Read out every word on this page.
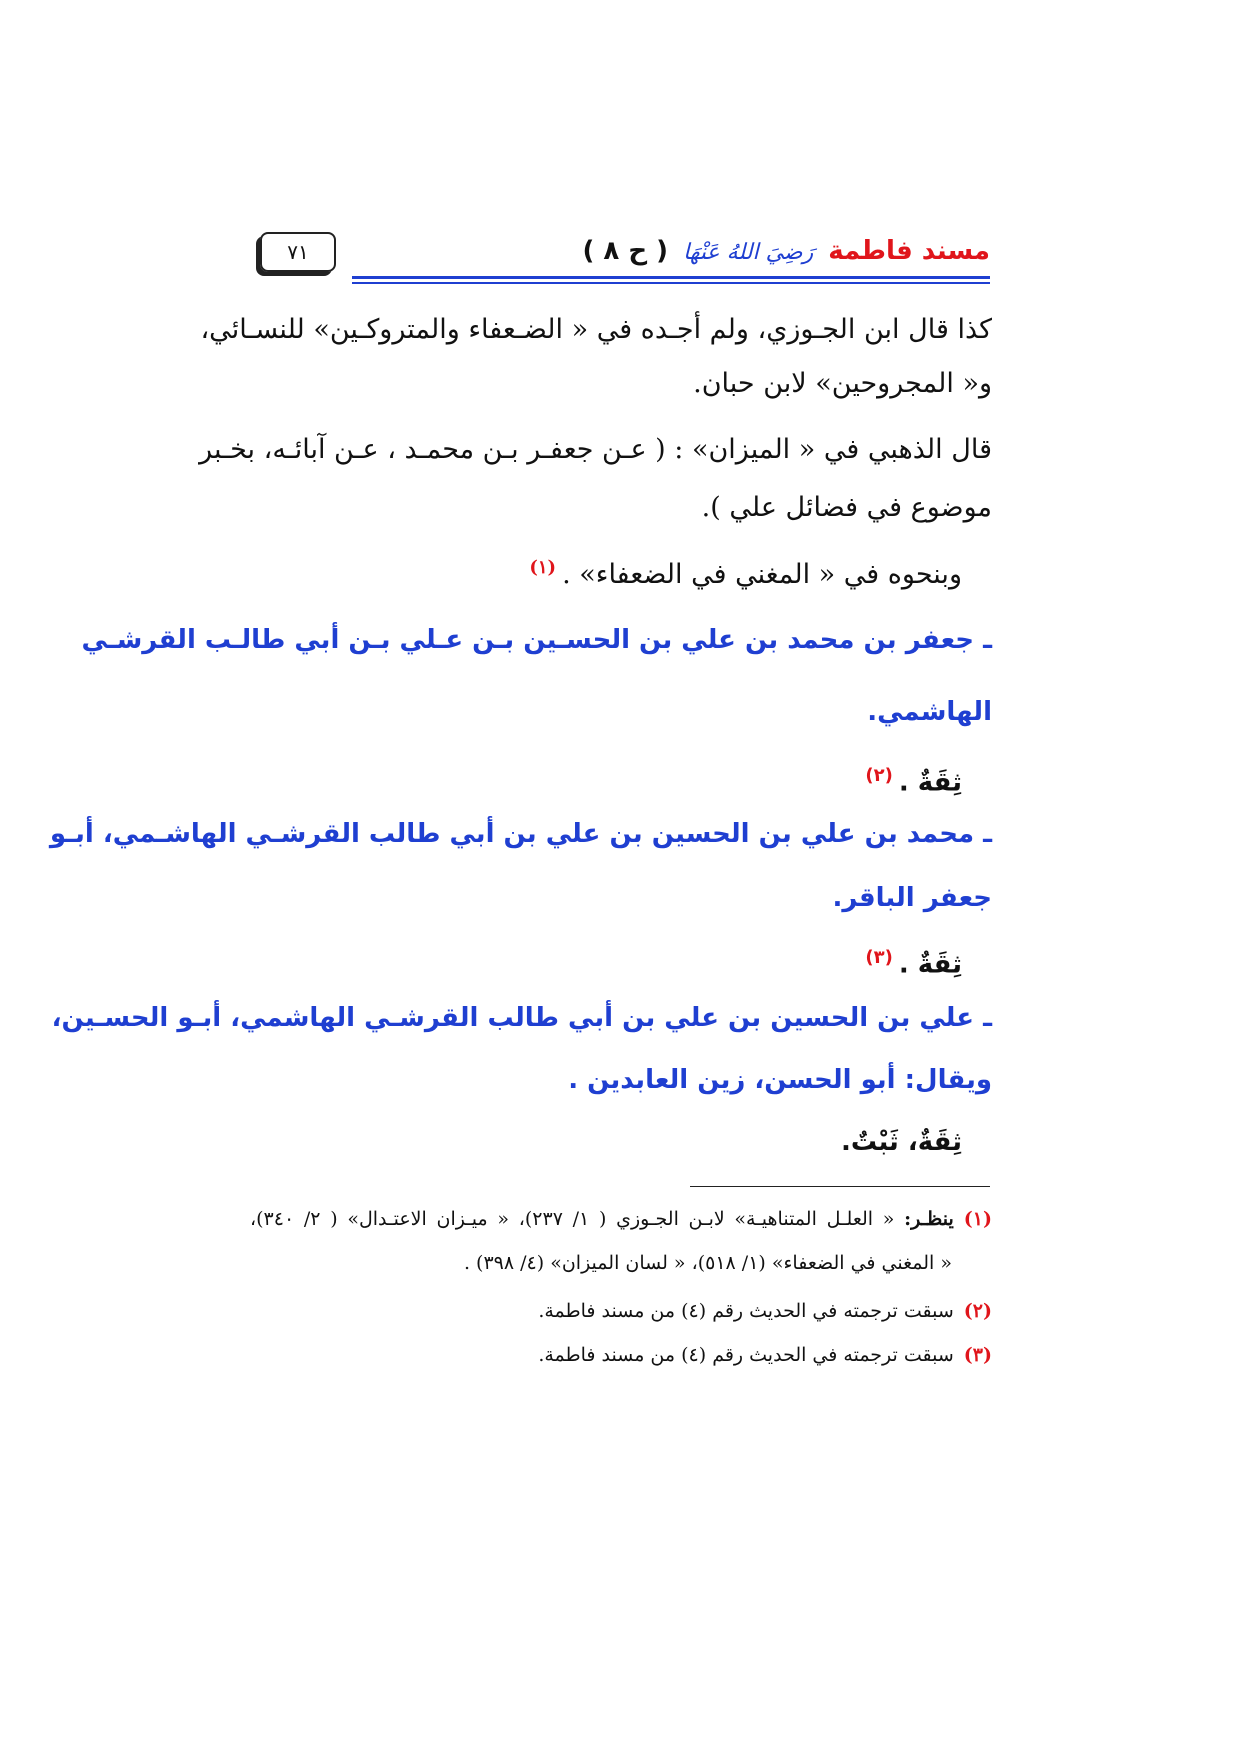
مسند فاطمة رَضِيَ اللهُ عَنْهَا ( ح ٨ )
٧١
كذا قال ابن الجـوزي، ولم أجـده في « الضـعفاء والمتروكـين» للنسـائي،
و« المجروحين» لابن حبان.
قال الذهبي في « الميزان» : ( عـن جعفـر بـن محمـد ، عـن آبائـه، بخـبر
موضوع في فضائل علي ).
وبنحوه في « المغني في الضعفاء» .$^{(١)}$
ـ جعفر بن محمد بن علي بن الحسـين بـن عـلي بـن أبي طالـب القرشـي
الهاشمي.
ثِقَةٌ .$^{(٢)}$
ـ محمد بن علي بن الحسين بن علي بن أبي طالب القرشـي الهاشـمي، أبـو
جعفر الباقر.
ثِقَةٌ .$^{(٣)}$
ـ علي بن الحسين بن علي بن أبي طالب القرشـي الهاشمي، أبـو الحسـين،
ويقال: أبو الحسن، زين العابدين .
ثِقَةٌ، ثَبْتٌ.
(١)ينظـر: « العلـل المتناهيـة» لابـن الجـوزي ( ١/ ٢٣٧)، « ميـزان الاعتـدال» ( ٢/ ٣٤٠)،
« المغني في الضعفاء» (١/ ٥١٨)، « لسان الميزان» (٤/ ٣٩٨) .
(٢)سبقت ترجمته في الحديث رقم (٤) من مسند فاطمة.
(٣)سبقت ترجمته في الحديث رقم (٤) من مسند فاطمة.
